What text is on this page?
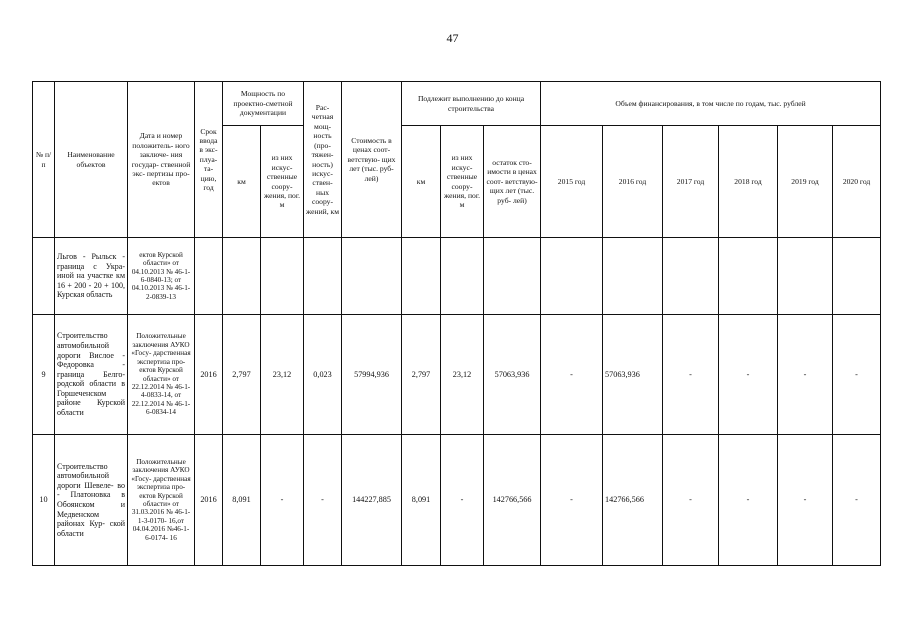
47
№ п/п	Наименование объектов	Дата и номер положитель- ного заключе- ния государ- ственной экс- пертизы про- ектов	Срок ввода в экс- плуа- та- цию, год	Мощность по проектно-сметной документации		Рас- четная мощ- ность (про- тяжен- ность) искус- ствен- ных соору- жений, км	Стоимость в ценах соот- ветствую- щих лет (тыс. руб- лей)	Подлежит выполнению до конца строительства			Объем финансирования, в том числе по годам, тыс. рублей					
				км	из них искус- ственные соору- жения, пог. м			км	из них искус- ственные соору- жения, пог. м	остаток сто- имости в ценах соот- ветствую- щих лет (тыс. руб- лей)	2015 год	2016 год	2017 год	2018 год	2019 год	2020 год
	Льгов - Рыльск - граница с Укра- иной на участке км 16 + 200 - 20 + 100, Курская область	ектов Курской области» от 04.10.2013 № 46-1-6-0840-13; от 04.10.2013 № 46-1-2-0839-13														
9	Строительство автомобильной дороги Вислое - Федоровка - граница Белго- родской области в Горшеченском районе Курской области	Положительные заключения АУКО «Госу- дарственная экспертиза про- ектов Курской области» от 22.12.2014 № 46-1-4-0833-14, от 22.12.2014 № 46-1-6-0834-14	2016	2,797	23,12	0,023	57994,936	2,797	23,12	57063,936	-	57063,936	-	-	-	-
10	Строительство автомобильной дороги Шевеле- во - Платоновка в Обоянском и Медвенском районах Кур- ской области	Положительные заключения АУКО «Госу- дарственная экспертиза про- ектов Курской области» от 31.03.2016 № 46-1-1-3-0170- 16,от 04.04.2016 №46-1-6-0174- 16	2016	8,091	-	-	144227,885	8,091	-	142766,566	-	142766,566	-	-	-	-
